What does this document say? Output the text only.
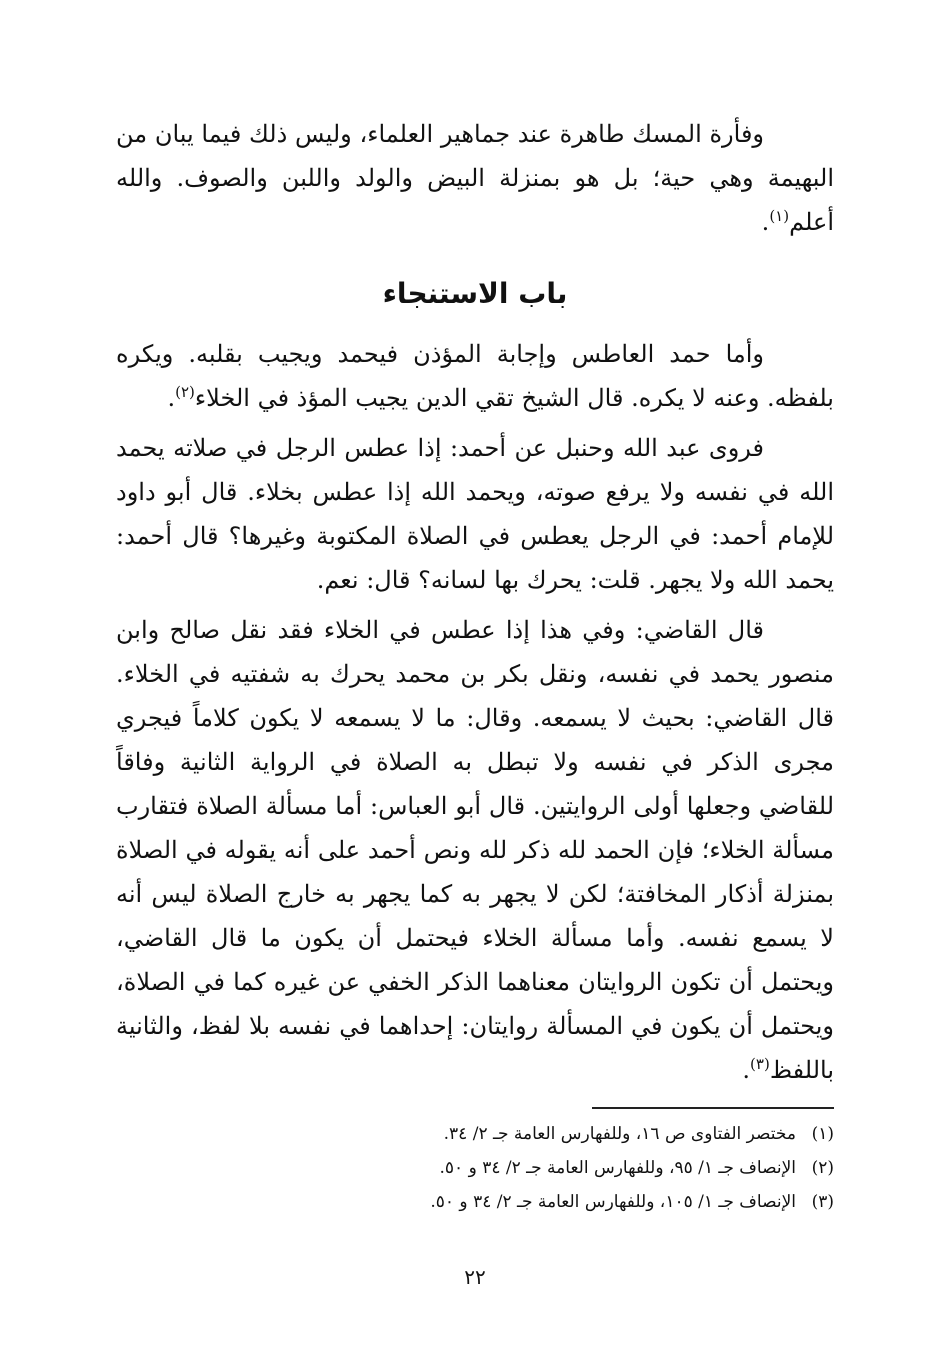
وفأرة المسك طاهرة عند جماهير العلماء، وليس ذلك فيما يبان من البهيمة وهي حية؛ بل هو بمنزلة البيض والولد واللبن والصوف. والله أعلم$^{(١)}$.

باب الاستنجاء

وأما حمد العاطس وإجابة المؤذن فيحمد ويجيب بقلبه. ويكره بلفظه. وعنه لا يكره. قال الشيخ تقي الدين يجيب المؤذ في الخلاء$^{(٢)}$.

فروى عبد الله وحنبل عن أحمد: إذا عطس الرجل في صلاته يحمد الله في نفسه ولا يرفع صوته، ويحمد الله إذا عطس بخلاء. قال أبو داود للإمام أحمد: في الرجل يعطس في الصلاة المكتوبة وغيرها؟ قال أحمد: يحمد الله ولا يجهر. قلت: يحرك بها لسانه؟ قال: نعم.

قال القاضي: وفي هذا إذا عطس في الخلاء فقد نقل صالح وابن منصور يحمد في نفسه، ونقل بكر بن محمد يحرك به شفتيه في الخلاء. قال القاضي: بحيث لا يسمعه. وقال: ما لا يسمعه لا يكون كلاماً فيجري مجرى الذكر في نفسه ولا تبطل به الصلاة في الرواية الثانية وفاقاً للقاضي وجعلها أولى الروايتين. قال أبو العباس: أما مسألة الصلاة فتقارب مسألة الخلاء؛ فإن الحمد لله ذكر لله ونص أحمد على أنه يقوله في الصلاة بمنزلة أذكار المخافتة؛ لكن لا يجهر به كما يجهر به خارج الصلاة ليس أنه لا يسمع نفسه. وأما مسألة الخلاء فيحتمل أن يكون ما قال القاضي، ويحتمل أن تكون الروايتان معناهما الذكر الخفي عن غيره كما في الصلاة، ويحتمل أن يكون في المسألة روايتان: إحداهما في نفسه بلا لفظ، والثانية باللفظ$^{(٣)}$.

(١)مختصر الفتاوى ص ١٦، وللفهارس العامة جـ ٢/ ٣٤.
(٢)الإنصاف جـ ١/ ٩٥، وللفهارس العامة جـ ٢/ ٣٤ و ٥٠.
(٣)الإنصاف جـ ١/ ١٠٥، وللفهارس العامة جـ ٢/ ٣٤ و ٥٠.
٢٢
